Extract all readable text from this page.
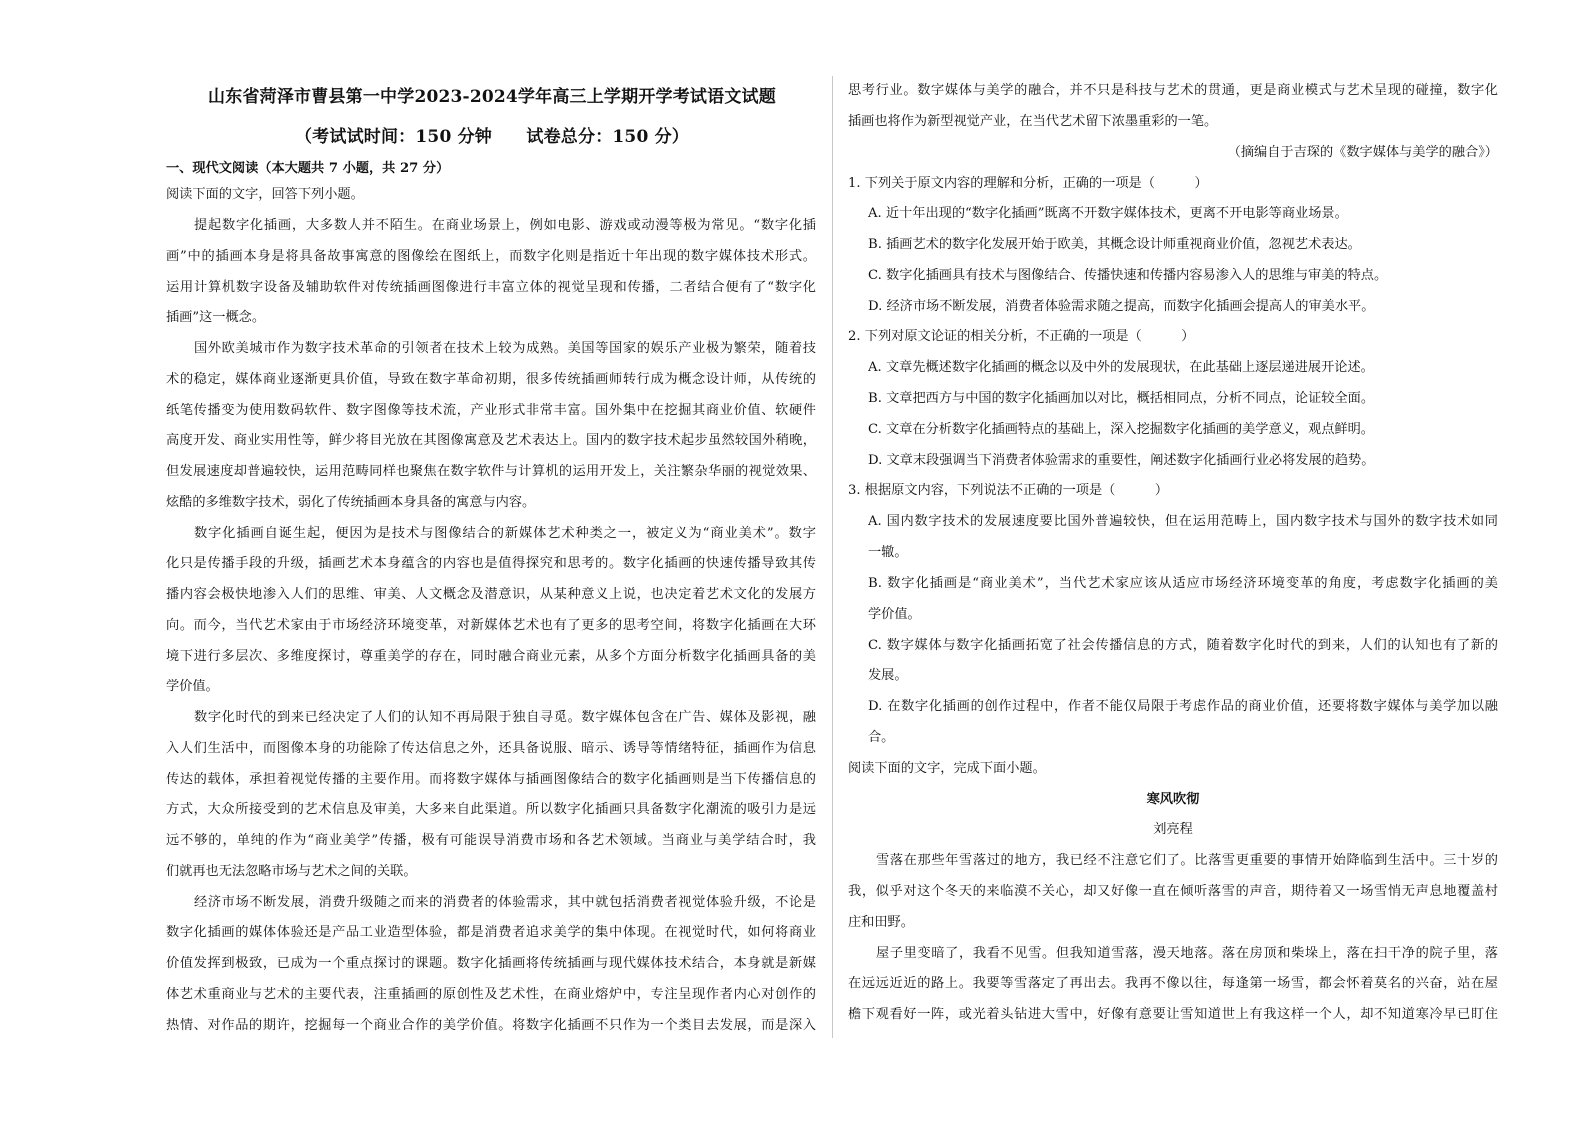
山东省菏泽市曹县第一中学2023-2024学年高三上学期开学考试语文试题
（考试试时间：150 分钟　　试卷总分：150 分）
一、现代文阅读（本大题共 7 小题，共 27 分）
阅读下面的文字，回答下列小题。
提起数字化插画，大多数人并不陌生。在商业场景上，例如电影、游戏或动漫等极为常见。“数字化插
画”中的插画本身是将具备故事寓意的图像绘在图纸上，而数字化则是指近十年出现的数字媒体技术形式。
运用计算机数字设备及辅助软件对传统插画图像进行丰富立体的视觉呈现和传播，二者结合便有了“数字化
插画”这一概念。
国外欧美城市作为数字技术革命的引领者在技术上较为成熟。美国等国家的娱乐产业极为繁荣，随着技
术的稳定，媒体商业逐渐更具价值，导致在数字革命初期，很多传统插画师转行成为概念设计师，从传统的
纸笔传播变为使用数码软件、数字图像等技术流，产业形式非常丰富。国外集中在挖掘其商业价值、软硬件
高度开发、商业实用性等，鲜少将目光放在其图像寓意及艺术表达上。国内的数字技术起步虽然较国外稍晚，
但发展速度却普遍较快，运用范畴同样也聚焦在数字软件与计算机的运用开发上，关注繁杂华丽的视觉效果、
炫酷的多维数字技术，弱化了传统插画本身具备的寓意与内容。
数字化插画自诞生起，便因为是技术与图像结合的新媒体艺术种类之一，被定义为“商业美术”。数字
化只是传播手段的升级，插画艺术本身蕴含的内容也是值得探究和思考的。数字化插画的快速传播导致其传
播内容会极快地渗入人们的思维、审美、人文概念及潜意识，从某种意义上说，也决定着艺术文化的发展方
向。而今，当代艺术家由于市场经济环境变革，对新媒体艺术也有了更多的思考空间，将数字化插画在大环
境下进行多层次、多维度探讨，尊重美学的存在，同时融合商业元素，从多个方面分析数字化插画具备的美
学价值。
数字化时代的到来已经决定了人们的认知不再局限于独自寻觅。数字媒体包含在广告、媒体及影视，融
入人们生活中，而图像本身的功能除了传达信息之外，还具备说服、暗示、诱导等情绪特征，插画作为信息
传达的载体，承担着视觉传播的主要作用。而将数字媒体与插画图像结合的数字化插画则是当下传播信息的
方式，大众所接受到的艺术信息及审美，大多来自此渠道。所以数字化插画只具备数字化潮流的吸引力是远
远不够的，单纯的作为“商业美学”传播，极有可能误导消费市场和各艺术领域。当商业与美学结合时，我
们就再也无法忽略市场与艺术之间的关联。
经济市场不断发展，消费升级随之而来的消费者的体验需求，其中就包括消费者视觉体验升级，不论是
数字化插画的媒体体验还是产品工业造型体验，都是消费者追求美学的集中体现。在视觉时代，如何将商业
价值发挥到极致，已成为一个重点探讨的课题。数字化插画将传统插画与现代媒体技术结合，本身就是新媒
体艺术重商业与艺术的主要代表，注重插画的原创性及艺术性，在商业熔炉中，专注呈现作者内心对创作的
热情、对作品的期许，挖掘每一个商业合作的美学价值。将数字化插画不只作为一个类目去发展，而是深入
思考行业。数字媒体与美学的融合，并不只是科技与艺术的贯通，更是商业模式与艺术呈现的碰撞，数字化
插画也将作为新型视觉产业，在当代艺术留下浓墨重彩的一笔。
（摘编自于吉琛的《数字媒体与美学的融合》）
1. 下列关于原文内容的理解和分析，正确的一项是（　　　）
A. 近十年出现的“数字化插画”既离不开数字媒体技术，更离不开电影等商业场景。
B. 插画艺术的数字化发展开始于欧美，其概念设计师重视商业价值，忽视艺术表达。
C. 数字化插画具有技术与图像结合、传播快速和传播内容易渗入人的思维与审美的特点。
D. 经济市场不断发展，消费者体验需求随之提高，而数字化插画会提高人的审美水平。
2. 下列对原文论证的相关分析，不正确的一项是（　　　）
A. 文章先概述数字化插画的概念以及中外的发展现状，在此基础上逐层递进展开论述。
B. 文章把西方与中国的数字化插画加以对比，概括相同点，分析不同点，论证较全面。
C. 文章在分析数字化插画特点的基础上，深入挖掘数字化插画的美学意义，观点鲜明。
D. 文章末段强调当下消费者体验需求的重要性，阐述数字化插画行业必将发展的趋势。
3. 根据原文内容，下列说法不正确的一项是（　　　）
A. 国内数字技术的发展速度要比国外普遍较快，但在运用范畴上，国内数字技术与国外的数字技术如同
一辙。
B. 数字化插画是“商业美术”，当代艺术家应该从适应市场经济环境变革的角度，考虑数字化插画的美
学价值。
C. 数字媒体与数字化插画拓宽了社会传播信息的方式，随着数字化时代的到来，人们的认知也有了新的
发展。
D. 在数字化插画的创作过程中，作者不能仅局限于考虑作品的商业价值，还要将数字媒体与美学加以融
合。
阅读下面的文字，完成下面小题。
寒风吹彻
刘亮程
雪落在那些年雪落过的地方，我已经不注意它们了。比落雪更重要的事情开始降临到生活中。三十岁的
我，似乎对这个冬天的来临漠不关心，却又好像一直在倾听落雪的声音，期待着又一场雪悄无声息地覆盖村
庄和田野。
屋子里变暗了，我看不见雪。但我知道雪落，漫天地落。落在房顶和柴垛上，落在扫干净的院子里，落
在远远近近的路上。我要等雪落定了再出去。我再不像以往，每逢第一场雪，都会怀着莫名的兴奋，站在屋
檐下观看好一阵，或光着头钻进大雪中，好像有意要让雪知道世上有我这样一个人，却不知道寒冷早已盯住
